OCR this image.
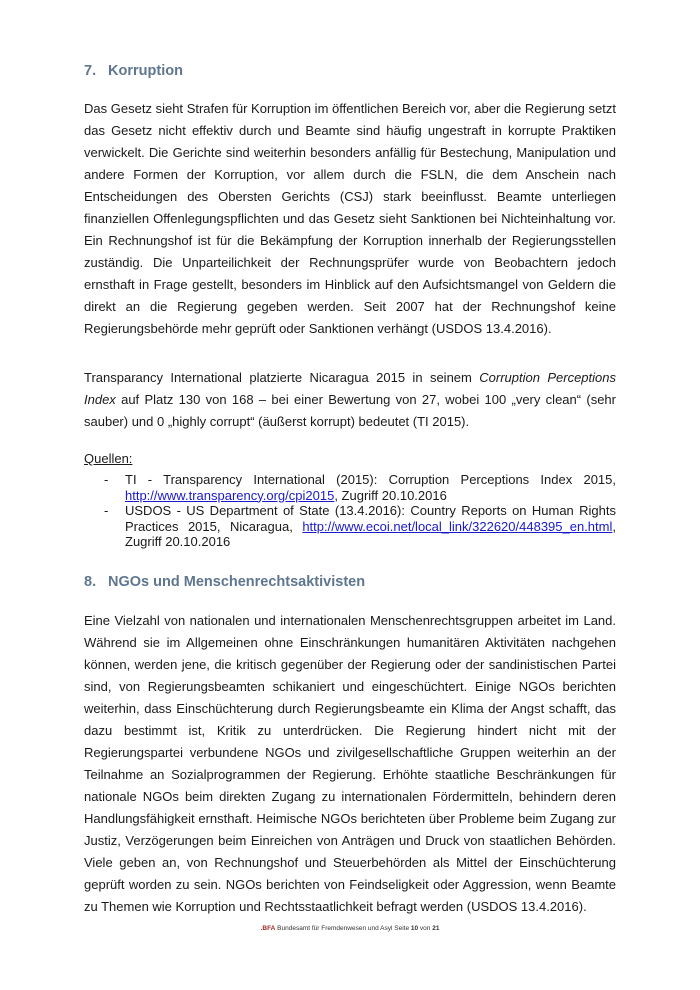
7. Korruption

Das Gesetz sieht Strafen für Korruption im öffentlichen Bereich vor, aber die Regierung setzt das Gesetz nicht effektiv durch und Beamte sind häufig ungestraft in korrupte Praktiken verwickelt. Die Gerichte sind weiterhin besonders anfällig für Bestechung, Manipulation und andere Formen der Korruption, vor allem durch die FSLN, die dem Anschein nach Entscheidungen des Obersten Gerichts (CSJ) stark beeinflusst. Beamte unterliegen finanziellen Offenlegungspflichten und das Gesetz sieht Sanktionen bei Nichteinhaltung vor. Ein Rechnungshof ist für die Bekämpfung der Korruption innerhalb der Regierungsstellen zuständig. Die Unparteilichkeit der Rechnungsprüfer wurde von Beobachtern jedoch ernsthaft in Frage gestellt, besonders im Hinblick auf den Aufsichtsmangel von Geldern die direkt an die Regierung gegeben werden. Seit 2007 hat der Rechnungshof keine Regierungsbehörde mehr geprüft oder Sanktionen verhängt (USDOS 13.4.2016).

Transparancy International platzierte Nicaragua 2015 in seinem Corruption Perceptions Index auf Platz 130 von 168 – bei einer Bewertung von 27, wobei 100 „very clean“ (sehr sauber) und 0 „highly corrupt“ (äußerst korrupt) bedeutet (TI 2015).

Quellen:
- TI - Transparency International (2015): Corruption Perceptions Index 2015, http://www.transparency.org/cpi2015, Zugriff 20.10.2016
- USDOS - US Department of State (13.4.2016): Country Reports on Human Rights Practices 2015, Nicaragua, http://www.ecoi.net/local_link/322620/448395_en.html, Zugriff 20.10.2016
8. NGOs und Menschenrechtsaktivisten

Eine Vielzahl von nationalen und internationalen Menschenrechtsgruppen arbeitet im Land. Während sie im Allgemeinen ohne Einschränkungen humanitären Aktivitäten nachgehen können, werden jene, die kritisch gegenüber der Regierung oder der sandinistischen Partei sind, von Regierungsbeamten schikaniert und eingeschüchtert. Einige NGOs berichten weiterhin, dass Einschüchterung durch Regierungsbeamte ein Klima der Angst schafft, das dazu bestimmt ist, Kritik zu unterdrücken. Die Regierung hindert nicht mit der Regierungspartei verbundene NGOs und zivilgesellschaftliche Gruppen weiterhin an der Teilnahme an Sozialprogrammen der Regierung. Erhöhte staatliche Beschränkungen für nationale NGOs beim direkten Zugang zu internationalen Fördermitteln, behindern deren Handlungsfähigkeit ernsthaft. Heimische NGOs berichteten über Probleme beim Zugang zur Justiz, Verzögerungen beim Einreichen von Anträgen und Druck von staatlichen Behörden. Viele geben an, von Rechnungshof und Steuerbehörden als Mittel der Einschüchterung geprüft worden zu sein. NGOs berichten von Feindseligkeit oder Aggression, wenn Beamte zu Themen wie Korruption und Rechtsstaatlichkeit befragt werden (USDOS 13.4.2016).

.BFA Bundesamt für Fremdenwesen und Asyl Seite 10 von 21
